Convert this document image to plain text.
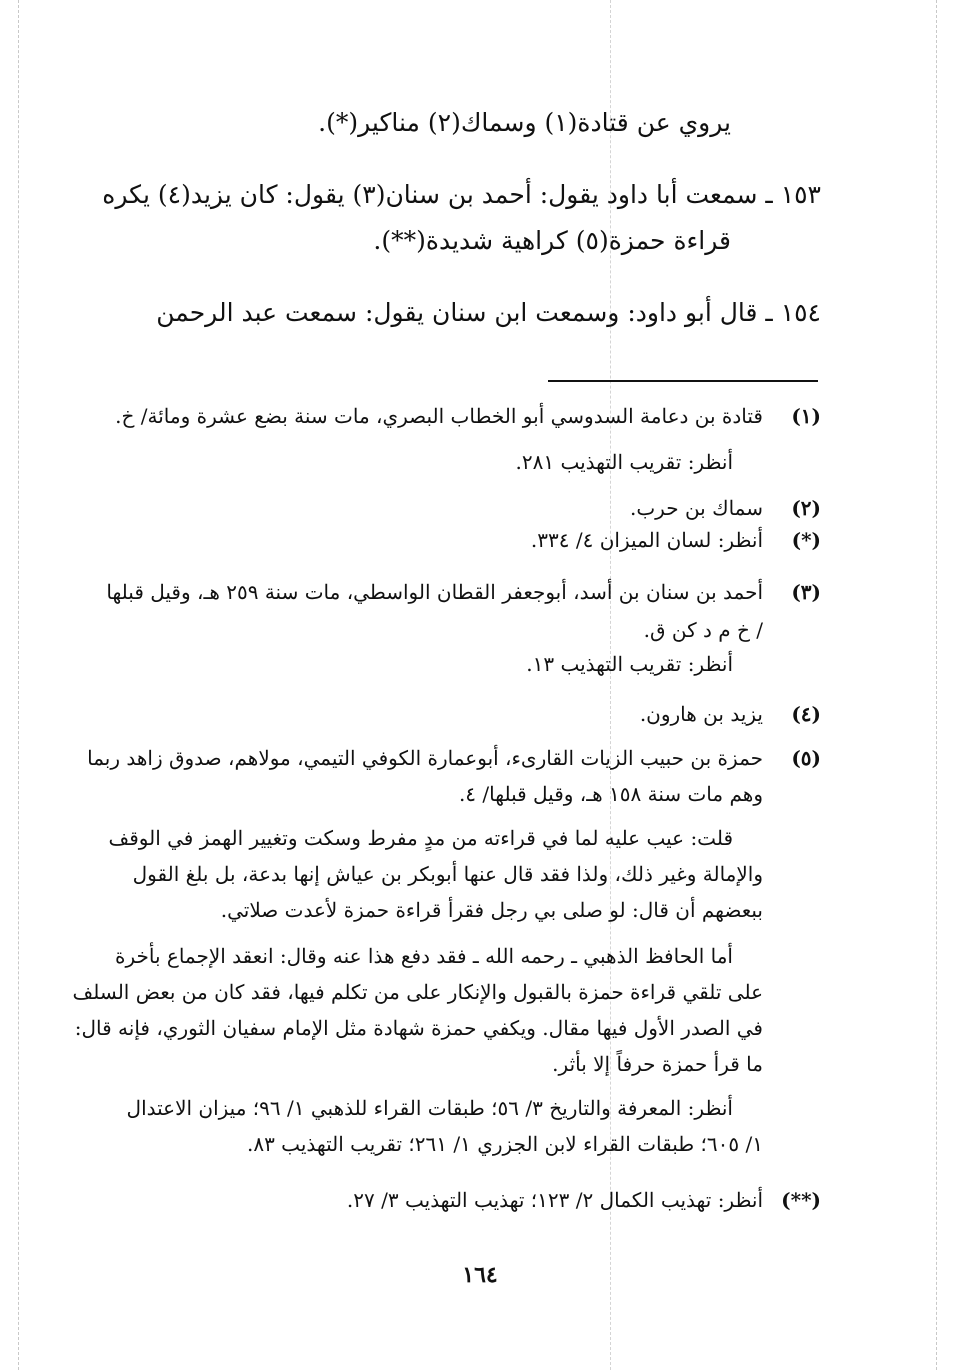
يروي عن قتادة(١) وسماك(٢) مناكير(*).
١٥٣ ـ سمعت أبا داود يقول: أحمد بن سنان(٣) يقول: كان يزيد(٤) يكره
قراءة حمزة(٥) كراهية شديدة(**).
١٥٤ ـ قال أبو داود: وسمعت ابن سنان يقول: سمعت عبد الرحمن
(١)
قتادة بن دعامة السدوسي أبو الخطاب البصري، مات سنة بضع عشرة ومائة/ خ.
أنظر: تقريب التهذيب ٢٨١.
(٢)
سماك بن حرب.
(*)
أنظر: لسان الميزان ٤/ ٣٣٤.
(٣)
أحمد بن سنان بن أسد، أبوجعفر القطان الواسطي، مات سنة ٢٥٩ هـ، وقيل قبلها
/ خ م د كن ق.
أنظر: تقريب التهذيب ١٣.
(٤)
يزيد بن هارون.
(٥)
حمزة بن حبيب الزيات القارىء، أبوعمارة الكوفي التيمي، مولاهم، صدوق زاهد ربما
وهم مات سنة ١٥٨ هـ، وقيل قبلها/ ٤.
قلت: عيب عليه لما في قراءته من مدٍ مفرط وسكت وتغيير الهمز في الوقف
والإمالة وغير ذلك، ولذا فقد قال عنها أبوبكر بن عياش إنها بدعة، بل بلغ القول
ببعضهم أن قال: لو صلى بي رجل فقرأ قراءة حمزة لأعدت صلاتي.
أما الحافظ الذهبي ـ رحمه الله ـ فقد دفع هذا عنه وقال: انعقد الإجماع بأخرة
على تلقي قراءة حمزة بالقبول والإنكار على من تكلم فيها، فقد كان من بعض السلف
في الصدر الأول فيها مقال. ويكفي حمزة شهادة مثل الإمام سفيان الثوري، فإنه قال:
ما قرأ حمزة حرفاً إلا بأثر.
أنظر: المعرفة والتاريخ ٣/ ٥٦؛ طبقات القراء للذهبي ١/ ٩٦؛ ميزان الاعتدال
١/ ٦٠٥؛ طبقات القراء لابن الجزري ١/ ٢٦١؛ تقريب التهذيب ٨٣.
(**)
أنظر: تهذيب الكمال ٢/ ١٢٣؛ تهذيب التهذيب ٣/ ٢٧.
١٦٤
